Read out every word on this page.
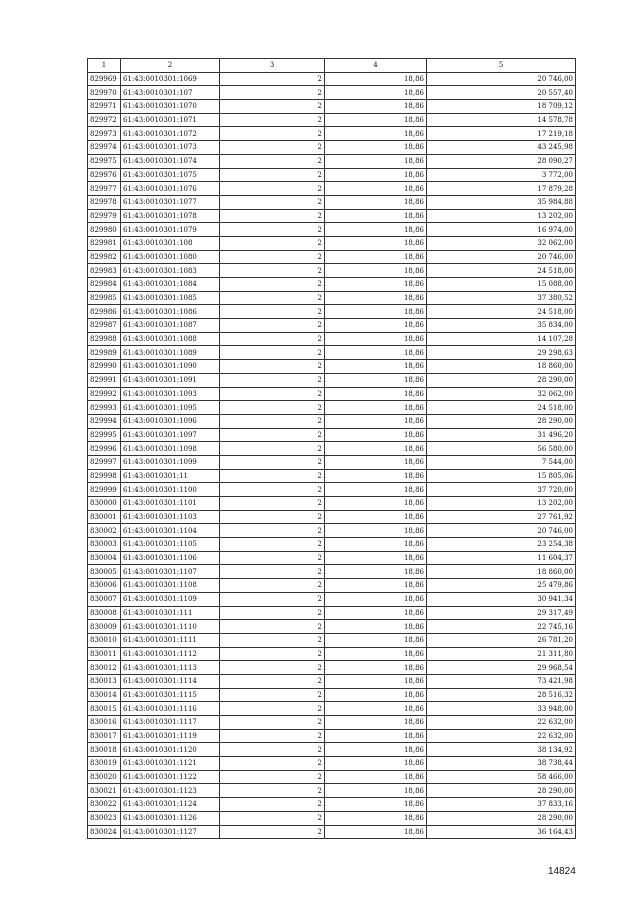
1	2	3	4	5
829969	61:43:0010301:1069	2	18,86	20 746,00
829970	61:43:0010301:107	2	18,86	20 557,40
829971	61:43:0010301:1070	2	18,86	18 709,12
829972	61:43:0010301:1071	2	18,86	14 578,78
829973	61:43:0010301:1072	2	18,86	17 219,18
829974	61:43:0010301:1073	2	18,86	43 245,98
829975	61:43:0010301:1074	2	18,86	28 090,27
829976	61:43:0010301:1075	2	18,86	3 772,00
829977	61:43:0010301:1076	2	18,86	17 879,28
829978	61:43:0010301:1077	2	18,86	35 984,88
829979	61:43:0010301:1078	2	18,86	13 202,00
829980	61:43:0010301:1079	2	18,86	16 974,00
829981	61:43:0010301:108	2	18,86	32 062,00
829982	61:43:0010301:1080	2	18,86	20 746,00
829983	61:43:0010301:1083	2	18,86	24 518,00
829984	61:43:0010301:1084	2	18,86	15 088,00
829985	61:43:0010301:1085	2	18,86	37 380,52
829986	61:43:0010301:1086	2	18,86	24 518,00
829987	61:43:0010301:1087	2	18,86	35 834,00
829988	61:43:0010301:1088	2	18,86	14 107,28
829989	61:43:0010301:1089	2	18,86	29 298,63
829990	61:43:0010301:1090	2	18,86	18 860,00
829991	61:43:0010301:1091	2	18,86	28 290,00
829992	61:43:0010301:1093	2	18,86	32 062,00
829993	61:43:0010301:1095	2	18,86	24 518,00
829994	61:43:0010301:1096	2	18,86	28 290,00
829995	61:43:0010301:1097	2	18,86	31 496,20
829996	61:43:0010301:1098	2	18,86	56 580,00
829997	61:43:0010301:1099	2	18,86	7 544,00
829998	61:43:0010301:11	2	18,86	15 805,06
829999	61:43:0010301:1100	2	18,86	37 720,00
830000	61:43:0010301:1101	2	18,86	13 202,00
830001	61:43:0010301:1103	2	18,86	27 761,92
830002	61:43:0010301:1104	2	18,86	20 746,00
830003	61:43:0010301:1105	2	18,86	23 254,38
830004	61:43:0010301:1106	2	18,86	11 604,37
830005	61:43:0010301:1107	2	18,86	18 860,00
830006	61:43:0010301:1108	2	18,86	25 479,86
830007	61:43:0010301:1109	2	18,86	30 941,34
830008	61:43:0010301:111	2	18,86	29 317,49
830009	61:43:0010301:1110	2	18,86	22 745,16
830010	61:43:0010301:1111	2	18,86	26 781,20
830011	61:43:0010301:1112	2	18,86	21 311,80
830012	61:43:0010301:1113	2	18,86	29 968,54
830013	61:43:0010301:1114	2	18,86	73 421,98
830014	61:43:0010301:1115	2	18,86	28 516,32
830015	61:43:0010301:1116	2	18,86	33 948,00
830016	61:43:0010301:1117	2	18,86	22 632,00
830017	61:43:0010301:1119	2	18,86	22 632,00
830018	61:43:0010301:1120	2	18,86	38 134,92
830019	61:43:0010301:1121	2	18,86	38 738,44
830020	61:43:0010301:1122	2	18,86	58 466,00
830021	61:43:0010301:1123	2	18,86	28 290,00
830022	61:43:0010301:1124	2	18,86	37 833,16
830023	61:43:0010301:1126	2	18,86	28 290,00
830024	61:43:0010301:1127	2	18,86	36 164,43
14824
